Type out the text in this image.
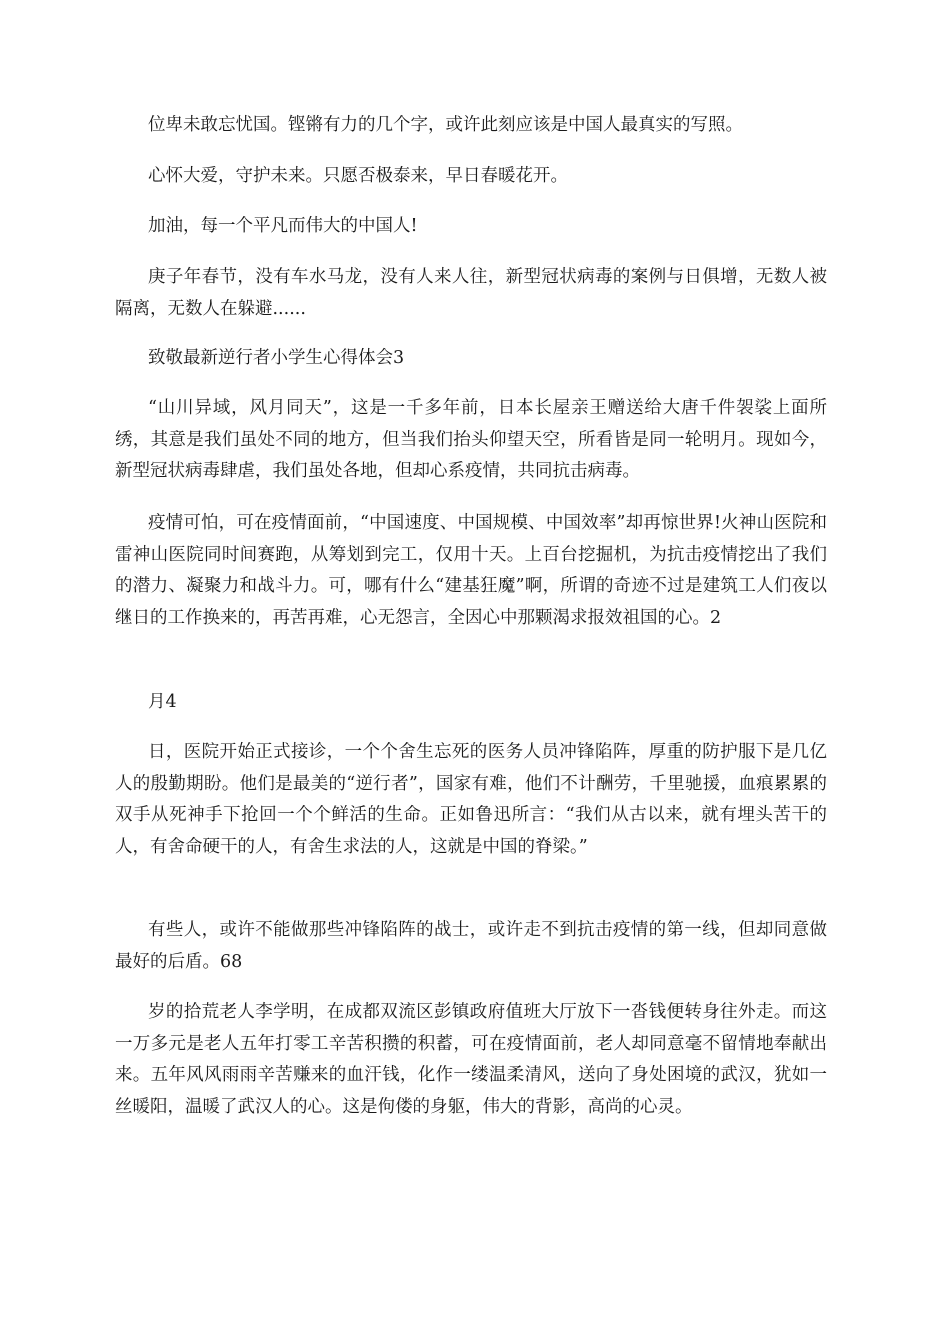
位卑未敢忘忧国。铿锵有力的几个字，或许此刻应该是中国人最真实的写照。

心怀大爱，守护未来。只愿否极泰来，早日春暖花开。

加油，每一个平凡而伟大的中国人!

庚子年春节，没有车水马龙，没有人来人往，新型冠状病毒的案例与日俱增，无数人被隔离，无数人在躲避......

致敬最新逆行者小学生心得体会3

“山川异域，风月同天”，这是一千多年前，日本长屋亲王赠送给大唐千件袈裟上面所绣，其意是我们虽处不同的地方，但当我们抬头仰望天空，所看皆是同一轮明月。现如今，新型冠状病毒肆虐，我们虽处各地，但却心系疫情，共同抗击病毒。

疫情可怕，可在疫情面前，“中国速度、中国规模、中国效率”却再惊世界!火神山医院和雷神山医院同时间赛跑，从筹划到完工，仅用十天。上百台挖掘机，为抗击疫情挖出了我们的潜力、凝聚力和战斗力。可，哪有什么“建基狂魔”啊，所谓的奇迹不过是建筑工人们夜以继日的工作换来的，再苦再难，心无怨言，全因心中那颗渴求报效祖国的心。2

月4

日，医院开始正式接诊，一个个舍生忘死的医务人员冲锋陷阵，厚重的防护服下是几亿人的殷勤期盼。他们是最美的“逆行者”，国家有难，他们不计酬劳，千里驰援，血痕累累的双手从死神手下抢回一个个鲜活的生命。正如鲁迅所言：“我们从古以来，就有埋头苦干的人，有舍命硬干的人，有舍生求法的人，这就是中国的脊梁。”

有些人，或许不能做那些冲锋陷阵的战士，或许走不到抗击疫情的第一线，但却同意做最好的后盾。68

岁的拾荒老人李学明，在成都双流区彭镇政府值班大厅放下一沓钱便转身往外走。而这一万多元是老人五年打零工辛苦积攒的积蓄，可在疫情面前，老人却同意毫不留情地奉献出来。五年风风雨雨辛苦赚来的血汗钱，化作一缕温柔清风，送向了身处困境的武汉，犹如一丝暖阳，温暖了武汉人的心。这是佝偻的身躯，伟大的背影，高尚的心灵。
